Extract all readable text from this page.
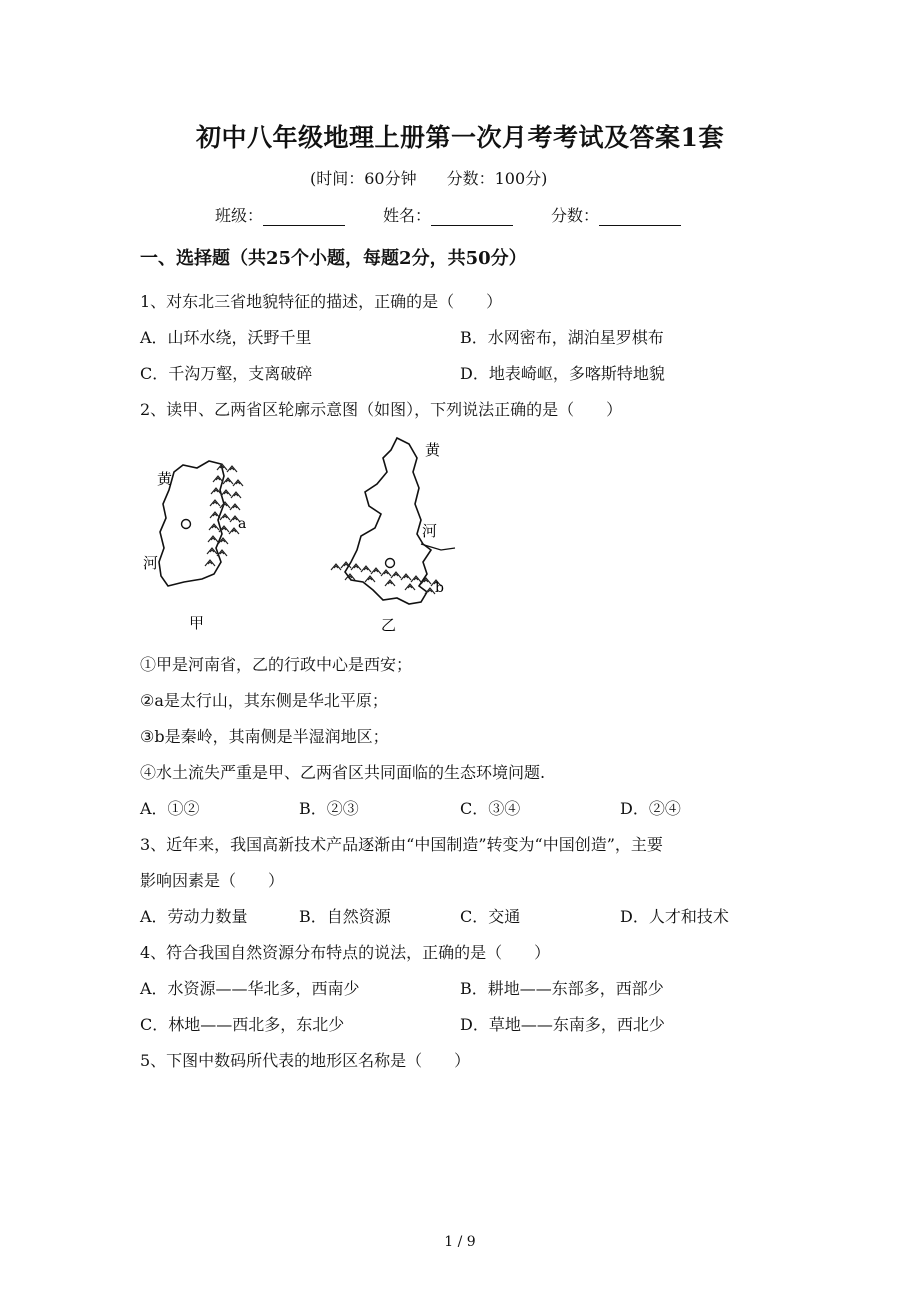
初中八年级地理上册第一次月考考试及答案1套
(时间：60分钟 分数：100分)
班级：	姓名：	分数：
一、选择题（共25个小题，每题2分，共50分）
1、对东北三省地貌特征的描述，正确的是（　　）
A．山环水绕，沃野千里	B．水网密布，湖泊星罗棋布
C．千沟万壑，支离破碎	D．地表崎岖，多喀斯特地貌
2、读甲、乙两省区轮廓示意图（如图），下列说法正确的是（　　）
黄
河
a
甲
黄
河
b
乙
①甲是河南省，乙的行政中心是西安；
②a是太行山，其东侧是华北平原；
③b是秦岭，其南侧是半湿润地区；
④水土流失严重是甲、乙两省区共同面临的生态环境问题.
A．①②	B．②③	C．③④	D．②④
3、近年来，我国高新技术产品逐渐由“中国制造”转变为“中国创造”，主要
影响因素是（　　）
A．劳动力数量	B．自然资源	C．交通	D．人才和技术
4、符合我国自然资源分布特点的说法，正确的是（　　）
A．水资源——华北多，西南少	B．耕地——东部多，西部少
C．林地——西北多，东北少	D．草地——东南多，西北少
5、下图中数码所代表的地形区名称是（　　）
1 / 9
